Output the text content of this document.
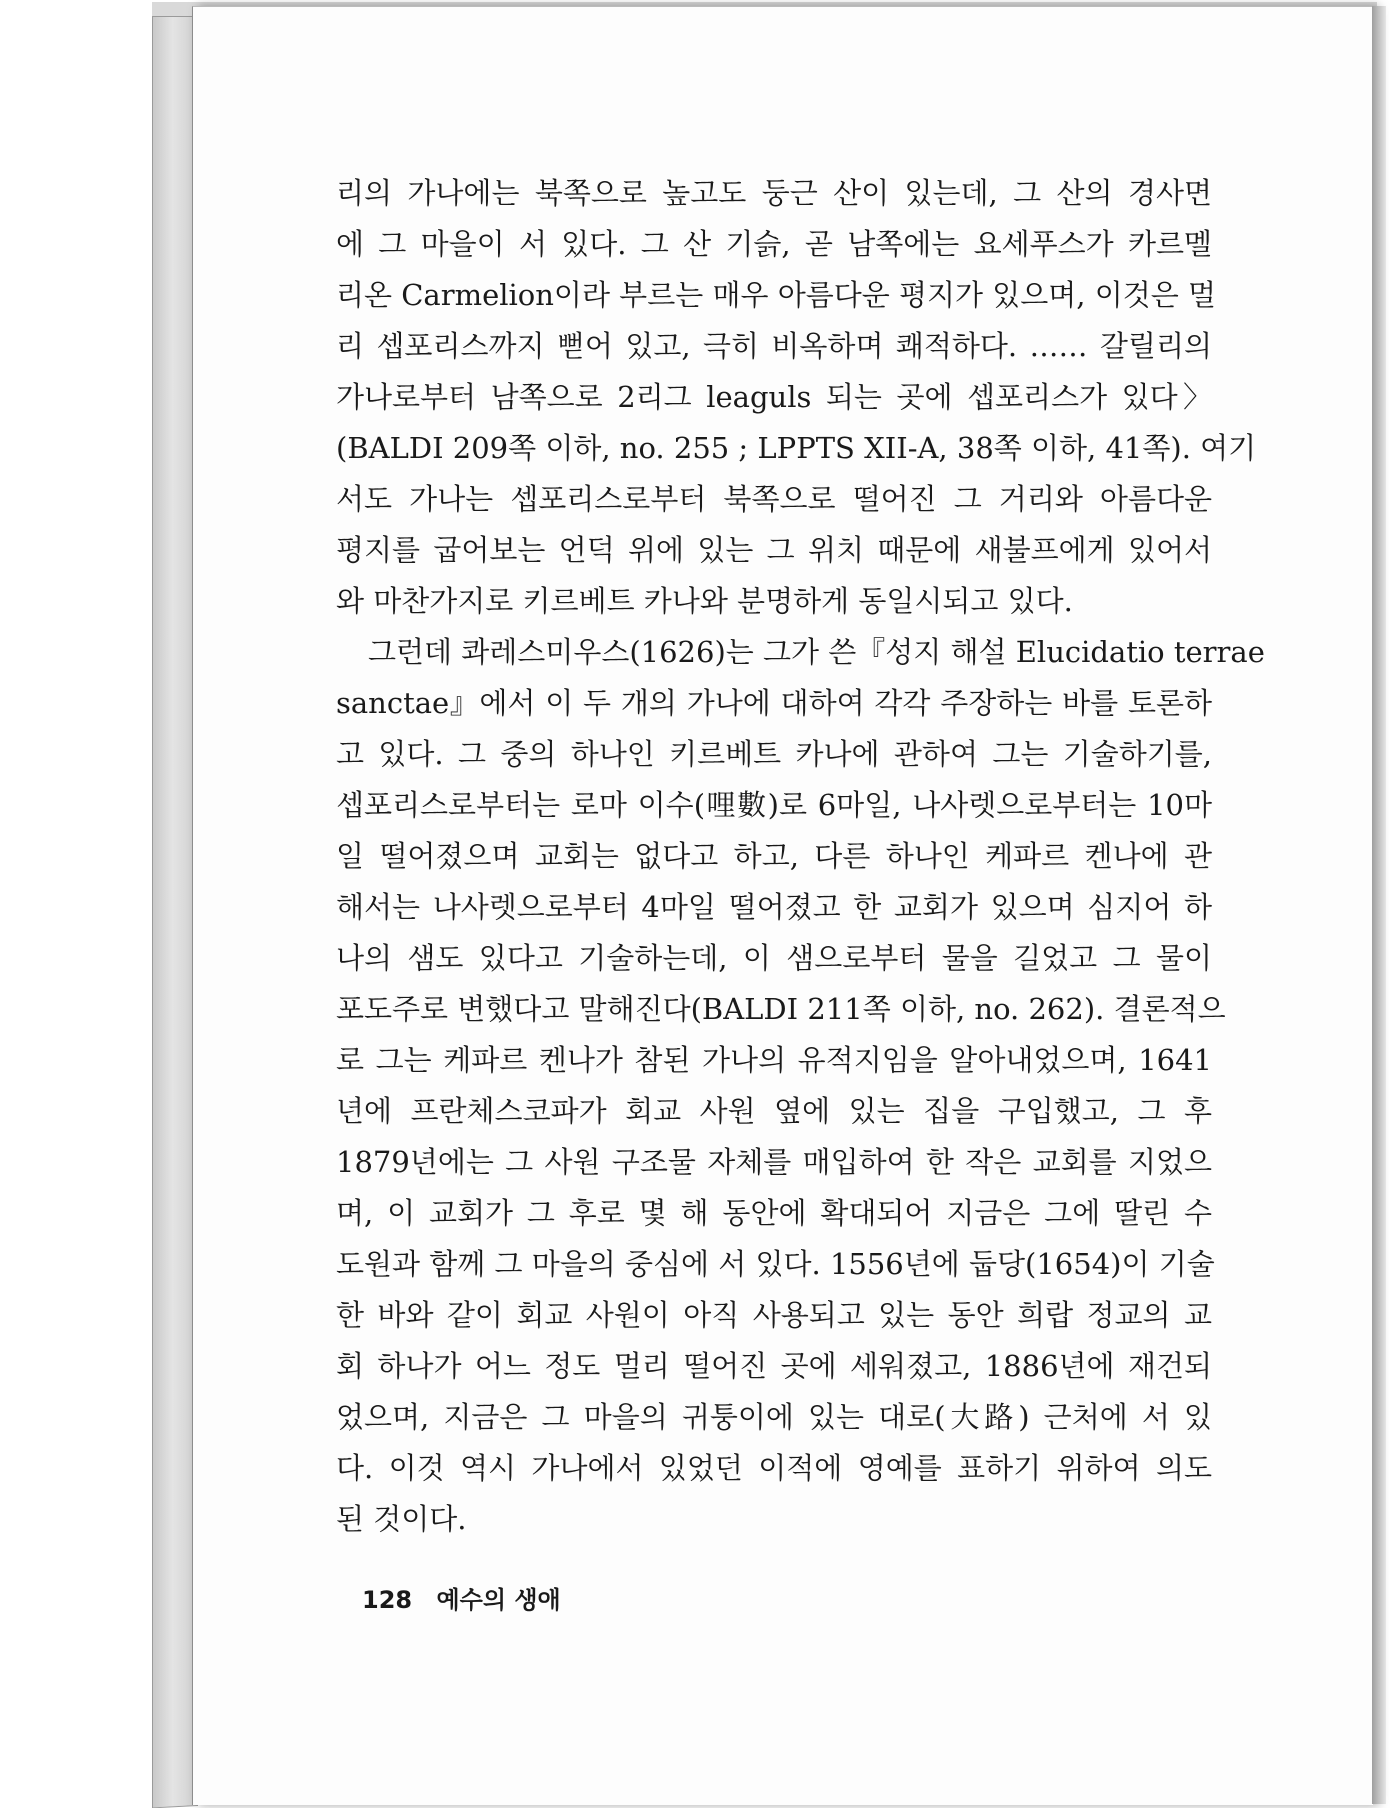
리의 가나에는 북쪽으로 높고도 둥근 산이 있는데, 그 산의 경사면
에 그 마을이 서 있다. 그 산 기슭, 곧 남쪽에는 요세푸스가 카르멜
리온 Carmelion이라 부르는 매우 아름다운 평지가 있으며, 이것은 멀
리 셉포리스까지 뻗어 있고, 극히 비옥하며 쾌적하다. …… 갈릴리의
가나로부터 남쪽으로 2리그 leaguls 되는 곳에 셉포리스가 있다〉
(BALDI 209쪽 이하, no. 255 ; LPPTS XII-A, 38쪽 이하, 41쪽). 여기
서도 가나는 셉포리스로부터 북쪽으로 떨어진 그 거리와 아름다운
평지를 굽어보는 언덕 위에 있는 그 위치 때문에 새불프에게 있어서
와 마찬가지로 키르베트 카나와 분명하게 동일시되고 있다.
그런데 콰레스미우스(1626)는 그가 쓴『성지 해설 Elucidatio terrae
sanctae』에서 이 두 개의 가나에 대하여 각각 주장하는 바를 토론하
고 있다. 그 중의 하나인 키르베트 카나에 관하여 그는 기술하기를,
셉포리스로부터는 로마 이수(哩數)로 6마일, 나사렛으로부터는 10마
일 떨어졌으며 교회는 없다고 하고, 다른 하나인 케파르 켄나에 관
해서는 나사렛으로부터 4마일 떨어졌고 한 교회가 있으며 심지어 하
나의 샘도 있다고 기술하는데, 이 샘으로부터 물을 길었고 그 물이
포도주로 변했다고 말해진다(BALDI 211쪽 이하, no. 262). 결론적으
로 그는 케파르 켄나가 참된 가나의 유적지임을 알아내었으며, 1641
년에 프란체스코파가 회교 사원 옆에 있는 집을 구입했고, 그 후
1879년에는 그 사원 구조물 자체를 매입하여 한 작은 교회를 지었으
며, 이 교회가 그 후로 몇 해 동안에 확대되어 지금은 그에 딸린 수
도원과 함께 그 마을의 중심에 서 있다. 1556년에 둡당(1654)이 기술
한 바와 같이 회교 사원이 아직 사용되고 있는 동안 희랍 정교의 교
회 하나가 어느 정도 멀리 떨어진 곳에 세워졌고, 1886년에 재건되
었으며, 지금은 그 마을의 귀퉁이에 있는 대로(大路) 근처에 서 있
다. 이것 역시 가나에서 있었던 이적에 영예를 표하기 위하여 의도
된 것이다.
128 예수의 생애
